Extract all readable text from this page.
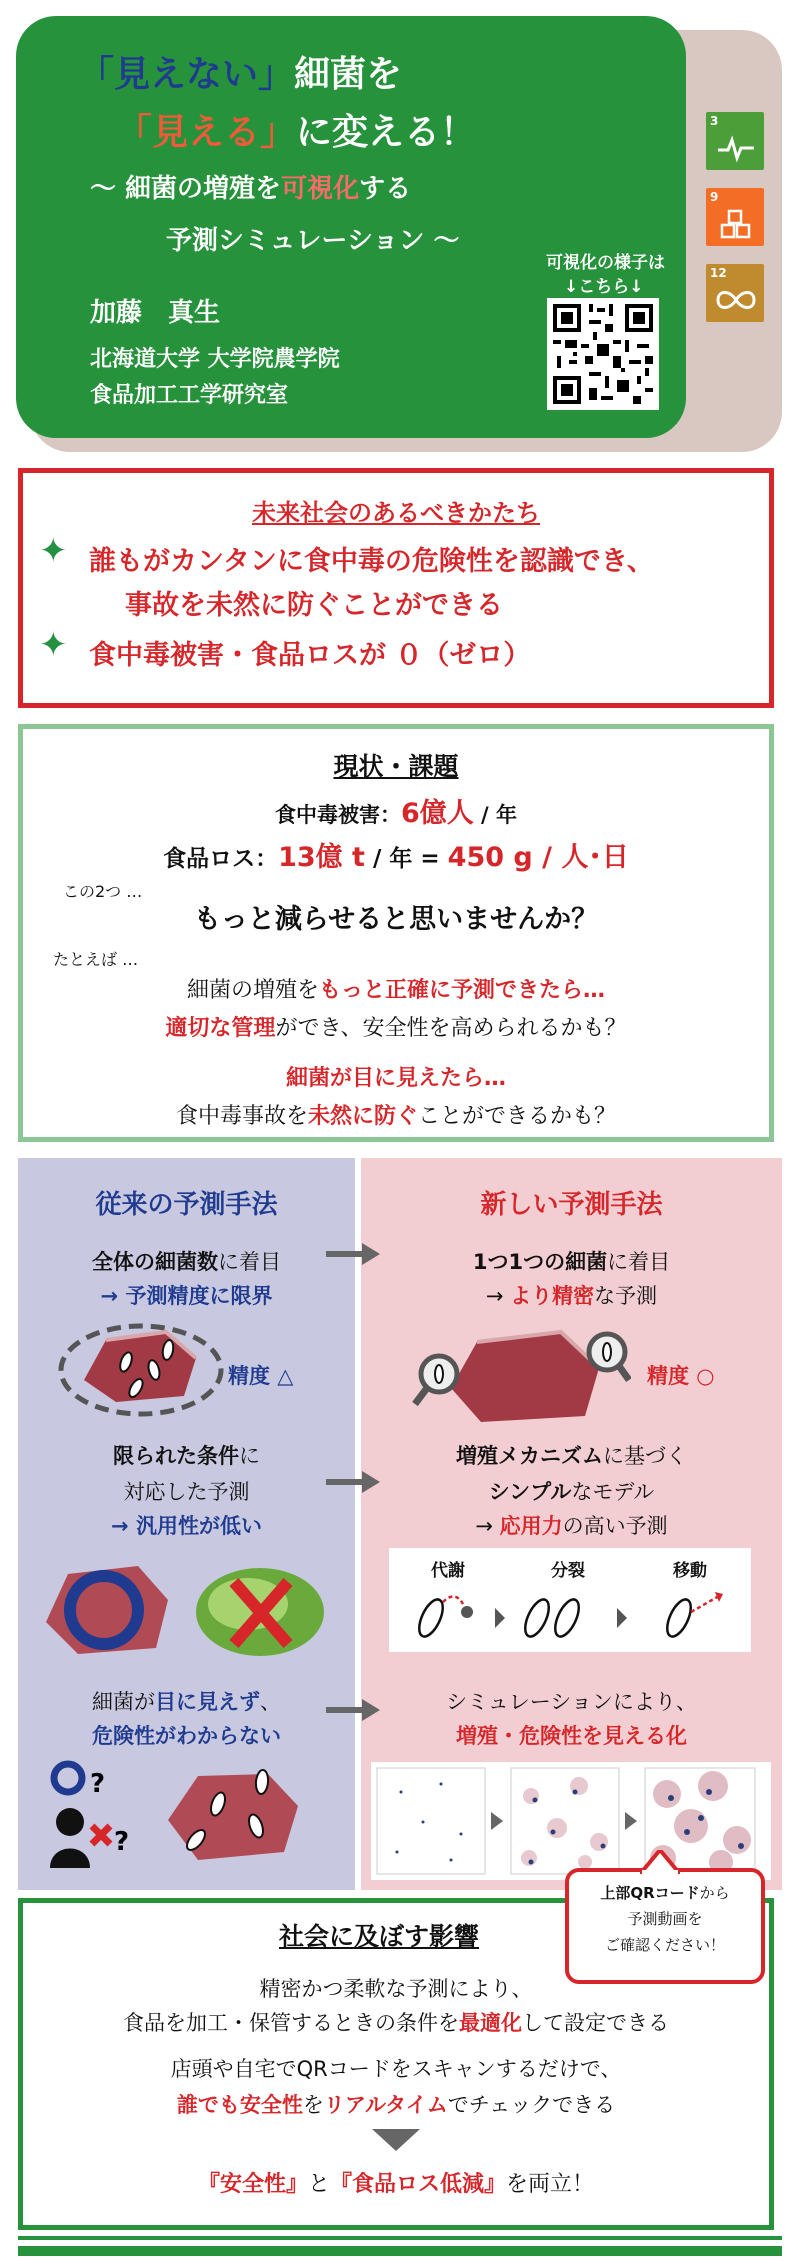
「見えない」細菌を
「見える」に変える！
～ 細菌の増殖を可視化する
予測シミュレーション ～
加藤　真生
北海道大学 大学院農学院
食品加工工学研究室
可視化の様子は
↓こちら↓
3
9
12
未来社会のあるべきかたち
✦ 誰もがカンタンに食中毒の危険性を認識でき、
事故を未然に防ぐことができる
✦ 食中毒被害・食品ロスが ０（ゼロ）
現状・課題
食中毒被害：6億人 / 年
食品ロス：13億 t / 年 = 450 g / 人･日
この2つ …
もっと減らせると思いませんか？
たとえば …
細菌の増殖をもっと正確に予測できたら…
適切な管理ができ、安全性を高められるかも？
細菌が目に見えたら…
食中毒事故を未然に防ぐことができるかも？
従来の予測手法
全体の細菌数に着目
→ 予測精度に限界
精度 △
限られた条件に
対応した予測
→ 汎用性が低い
細菌が目に見えず、
危険性がわからない
?
?
新しい予測手法
1つ1つの細菌に着目
→ より精密な予測
精度 ○
増殖メカニズムに基づく
シンプルなモデル
→ 応用力の高い予測
代謝	分裂	移動
シミュレーションにより、
増殖・危険性を見える化
社会に及ぼす影響
精密かつ柔軟な予測により、
食品を加工・保管するときの条件を最適化して設定できる
店頭や自宅でQRコードをスキャンするだけで、
誰でも安全性をリアルタイムでチェックできる
『安全性』と『食品ロス低減』を両立！
上部QRコードから
予測動画を
ご確認ください！
